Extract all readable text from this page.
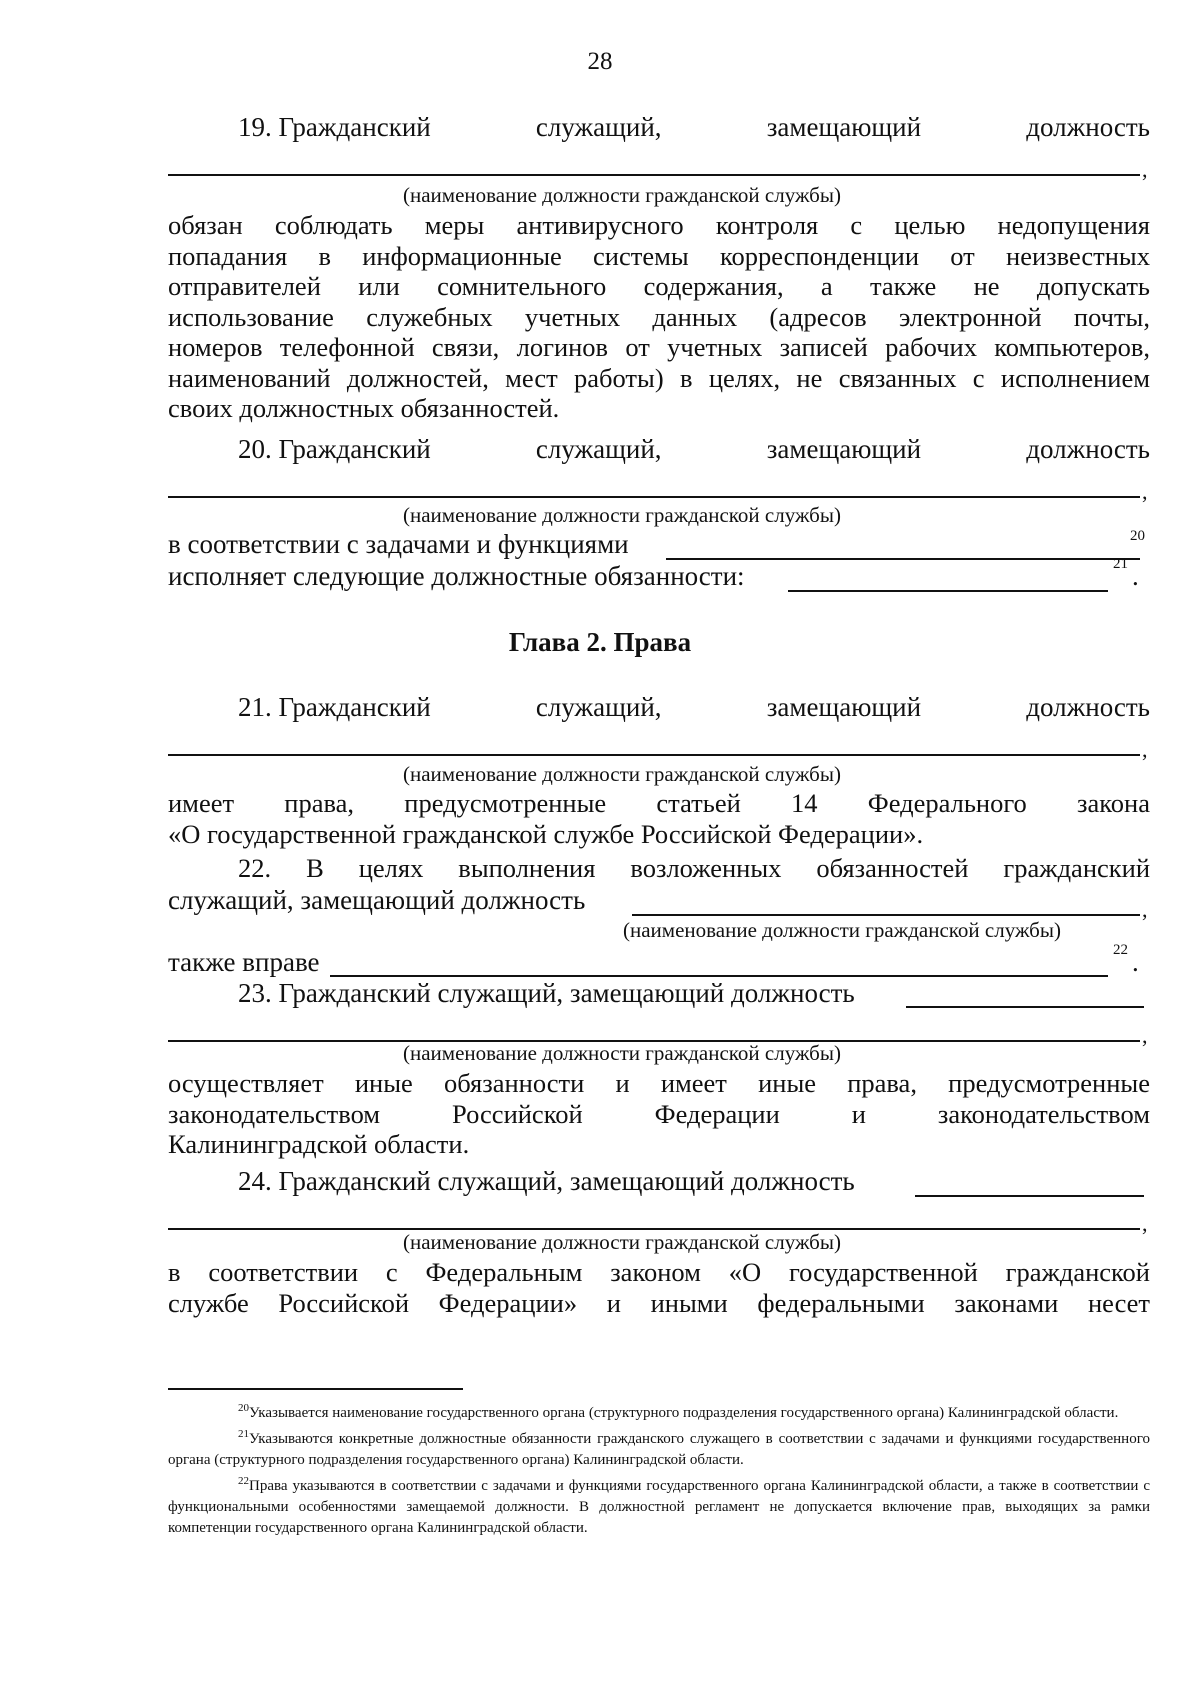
28
19. Гражданский	служащий,	замещающий	должность
,
(наименование должности гражданской службы)
обязан соблюдать меры антивирусного контроля с целью недопущения
попадания в информационные системы корреспонденции от неизвестных
отправителей или сомнительного содержания, а также не допускать
использование служебных учетных данных (адресов электронной почты,
номеров телефонной связи, логинов от учетных записей рабочих компьютеров,
наименований должностей, мест работы) в целях, не связанных с исполнением
своих должностных обязанностей.
20. Гражданский	служащий,	замещающий	должность
,
(наименование должности гражданской службы)
в соответствии с задачами и функциями	20
исполняет следующие должностные обязанности:	21 .
Глава 2. Права
21. Гражданский	служащий,	замещающий	должность
,
(наименование должности гражданской службы)
имеет права, предусмотренные статьей 14 Федерального закона
«О государственной гражданской службе Российской Федерации».
22. В целях выполнения возложенных обязанностей гражданский
служащий, замещающий должность	,
(наименование должности гражданской службы)
также вправе	22 .
23. Гражданский служащий, замещающий должность
,
(наименование должности гражданской службы)
осуществляет иные обязанности и имеет иные права, предусмотренные
законодательством Российской Федерации и законодательством
Калининградской области.
24. Гражданский служащий, замещающий должность
,
(наименование должности гражданской службы)
в соответствии с Федеральным законом «О государственной гражданской
службе Российской Федерации» и иными федеральными законами несет
$^{20}$Указывается наименование государственного органа (структурного подразделения государственного органа) Калининградской области.
$^{21}$Указываются конкретные должностные обязанности гражданского служащего в соответствии с задачами и функциями государственного органа (структурного подразделения государственного органа) Калининградской области.
$^{22}$Права указываются в соответствии с задачами и функциями государственного органа Калининградской области, а также в соответствии с функциональными особенностями замещаемой должности. В должностной регламент не допускается включение прав, выходящих за рамки компетенции государственного органа Калининградской области.
